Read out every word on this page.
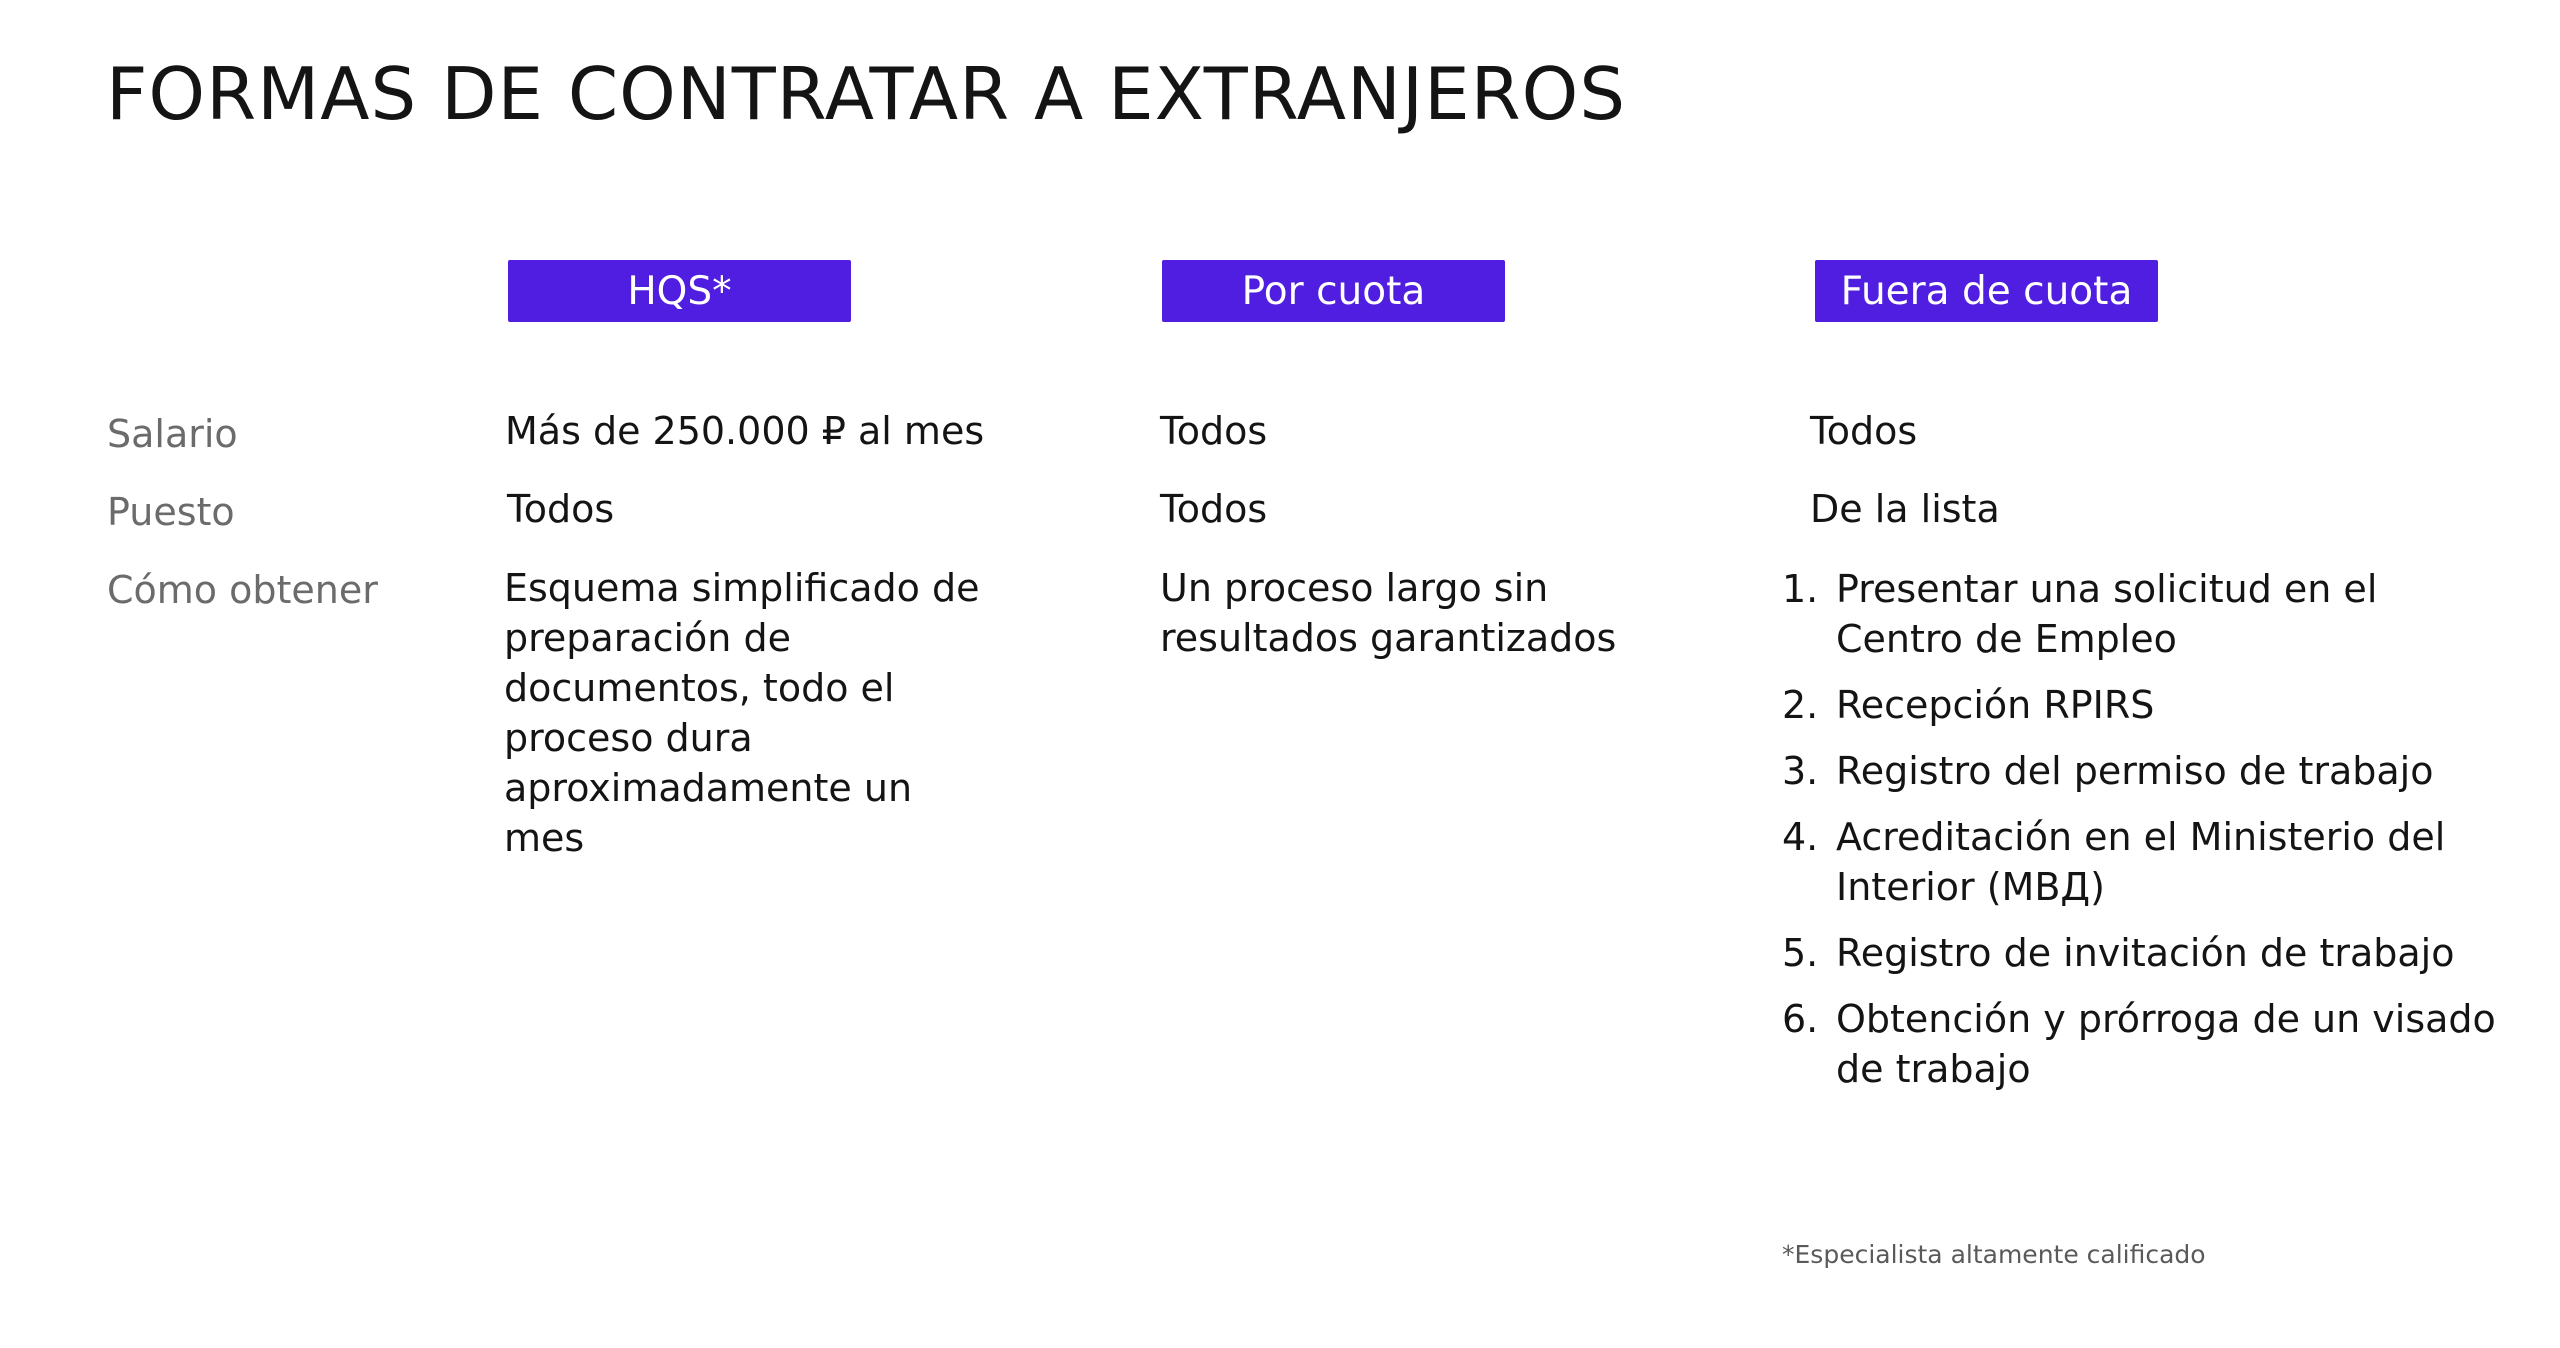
FORMAS DE CONTRATAR A EXTRANJEROS
HQS*	Por cuota	Fuera de cuota
Salario
Puesto
Cómo obtener
Más de 250.000 ₽ al mes
Todos
Esquema simplificado de preparación de documentos, todo el proceso dura aproximadamente un mes
Todos
Todos
Un proceso largo sin resultados garantizados
Todos
De la lista
1. Presentar una solicitud en el Centro de Empleo
2. Recepción RPIRS
3. Registro del permiso de trabajo
4. Acreditación en el Ministerio del Interior (МВД)
5. Registro de invitación de trabajo
6. Obtención y prórroga de un visado de trabajo
*Especialista altamente calificado
